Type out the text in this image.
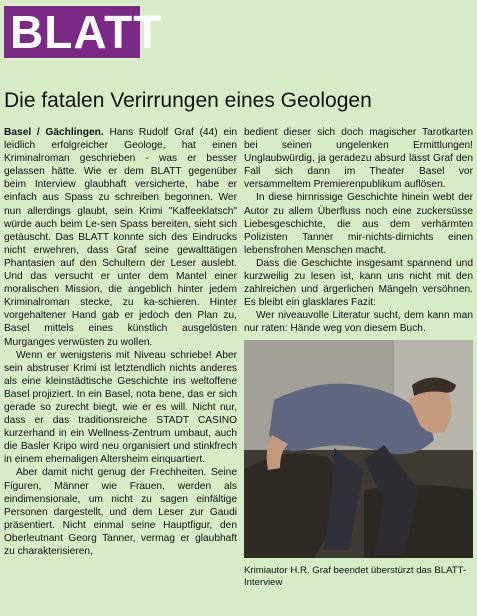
BLATT
Die fatalen Verirrungen eines Geologen

Basel / Gächlingen. Hans Rudolf Graf (44) ein leidlich erfolgreicher Geologe, hat einen Kriminalroman geschrieben - was er besser gelassen hätte. Wie er dem BLATT gegenüber beim Interview glaubhaft versicherte, habe er einfach aus Spass zu schreiben begonnen. Wer nun allerdings glaubt, sein Krimi "Kaffeeklatsch" würde auch beim Le-sen Spass bereiten, sieht sich getäuscht. Das BLATT konnte sich des Eindrucks nicht erwehren, dass Graf seine gewalttätigen Phantasien auf den Schultern der Leser auslebt. Und das versucht er unter dem Mantel einer moralischen Mission, die angeblich hinter jedem Kriminalroman stecke, zu ka-schieren. Hinter vorgehaltener Hand gab er jedoch den Plan zu, Basel mittels eines künstlich ausgelösten Murganges verwüsten zu wollen.

Wenn er wenigstens mit Niveau schriebe! Aber sein abstruser Krimi ist letztendlich nichts anderes als eine kleinstädtische Geschichte ins weltoffene Basel projiziert. In ein Basel, nota bene, das er sich gerade so zurecht biegt, wie er es will. Nicht nur, dass er das traditionsreiche STADT CASINO kurzerhand in ein Wellness-Zentrum umbaut, auch die Basler Kripo wird neu organisiert und stinkfrech in einem ehemaligen Altersheim einquartiert.

Aber damit nicht genug der Frechheiten. Seine Figuren, Männer wie Frauen, werden als eindimensionale, um nicht zu sagen einfältige Personen dargestellt, und dem Leser zur Gaudi präsentiert. Nicht einmal seine Hauptfigur, den Oberleutnant Georg Tanner, vermag er glaubhaft zu charakterisieren,

bedient dieser sich doch magischer Tarotkarten bei seinen ungelenken Ermittlungen! Unglaubwürdig, ja geradezu absurd lässt Graf den Fall sich dann im Theater Basel vor versammeltem Premierenpublikum auflösen.

In diese hirnrissige Geschichte hinein webt der Autor zu allem Überfluss noch eine zuckersüsse Liebesgeschichte, die aus dem verhärmten Polizisten Tanner mir-nichts-dirnichts einen lebensfrohen Menschen macht.

Dass die Geschichte insgesamt spannend und kurzweilig zu lesen ist, kann uns nicht mit den zahlreichen und ärgerlichen Mängeln versöhnen. Es bleibt ein glasklares Fazit:

Wer niveauvolle Literatur sucht, dem kann man nur raten: Hände weg von diesem Buch.

Krimiautor H.R. Graf beendet überstürzt das BLATT-Interview
